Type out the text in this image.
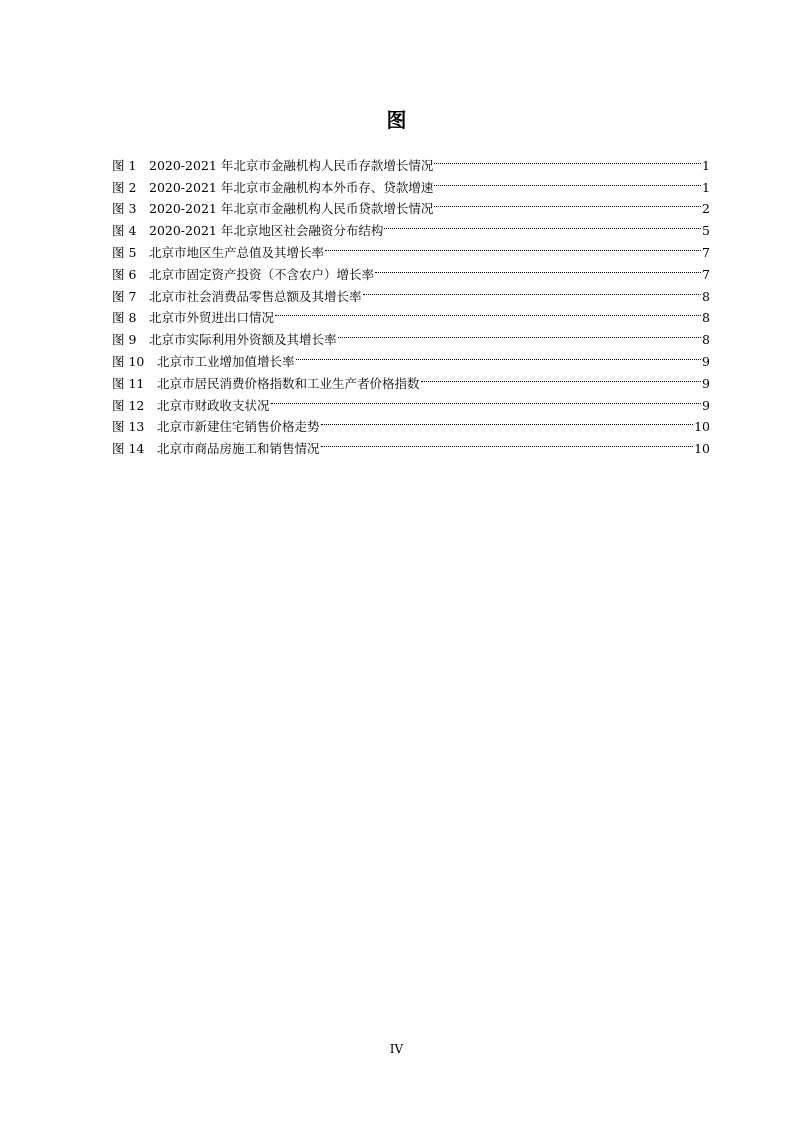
图
图 1	2020-2021 年北京市金融机构人民币存款增长情况	1
图 2	2020-2021 年北京市金融机构本外币存、贷款增速	1
图 3	2020-2021 年北京市金融机构人民币贷款增长情况	2
图 4	2020-2021 年北京地区社会融资分布结构	5
图 5	北京市地区生产总值及其增长率	7
图 6	北京市固定资产投资（不含农户）增长率	7
图 7	北京市社会消费品零售总额及其增长率	8
图 8	北京市外贸进出口情况	8
图 9	北京市实际利用外资额及其增长率	8
图 10	北京市工业增加值增长率	9
图 11	北京市居民消费价格指数和工业生产者价格指数	9
图 12	北京市财政收支状况	9
图 13	北京市新建住宅销售价格走势	10
图 14	北京市商品房施工和销售情况	10
IV
